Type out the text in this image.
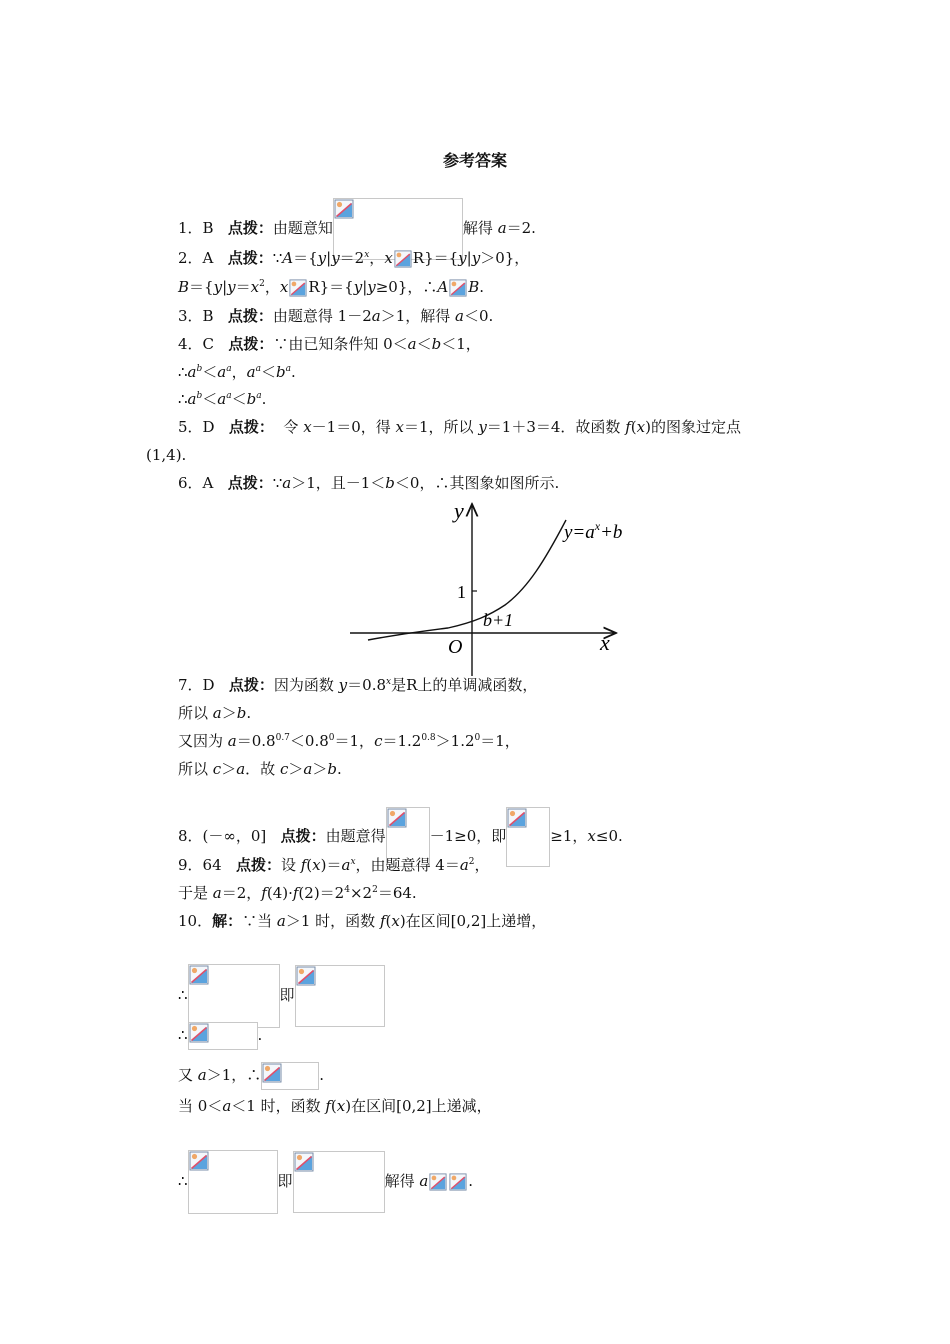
参考答案
1．B   点拨：由题意知	解得 a＝2.
2．A   点拨：$\because A=\{y|y=2^x$，x R}＝{y|y＞0}，
$B=\{y|y=x^2$，x R}＝{y|y≥0}，∴A B.
3．B   点拨：由题意得 1－2a＞1，解得 a＜0.
4．C   点拨：∵由已知条件知 0＜a＜b＜1，
$\therefore a^b<a^a$，$a^a<b^a$.
$\therefore a^b<a^a<b^a$.
5．D   点拨：  令 x－1＝0，得 x＝1，所以 y＝1＋3＝4．故函数 f(x)的图象过定点
(1,4).
6．A   点拨：∵a＞1，且－1＜b＜0，∴其图象如图所示.
y
x
O
1
b+1
$y=a^x+b$
7．D   点拨：因为函数 $y=0.8^x$是R上的单调减函数，
所以 a＞b.
又因为 $a=0.8^{0.7}<0.8^0=1$，$c=1.2^{0.8}>1.2^0=1$，
所以 c＞a．故 c＞a＞b.
8．(－∞，0]   点拨：由题意得	－1≥0，即	≥1，x≤0.
9．64   点拨：设 $f(x)=a^x$，由题意得 $4=a^2$，
于是 a＝2，$f(4)\cdot f(2)=2^4\times 2^2=64$.
10．解：∵当 a＞1 时，函数 f(x)在区间[0,2]上递增，
∴	即
∴	.
又 a＞1，∴	.
当 0＜a＜1 时，函数 f(x)在区间[0,2]上递减，
∴	即	解得 a	.
